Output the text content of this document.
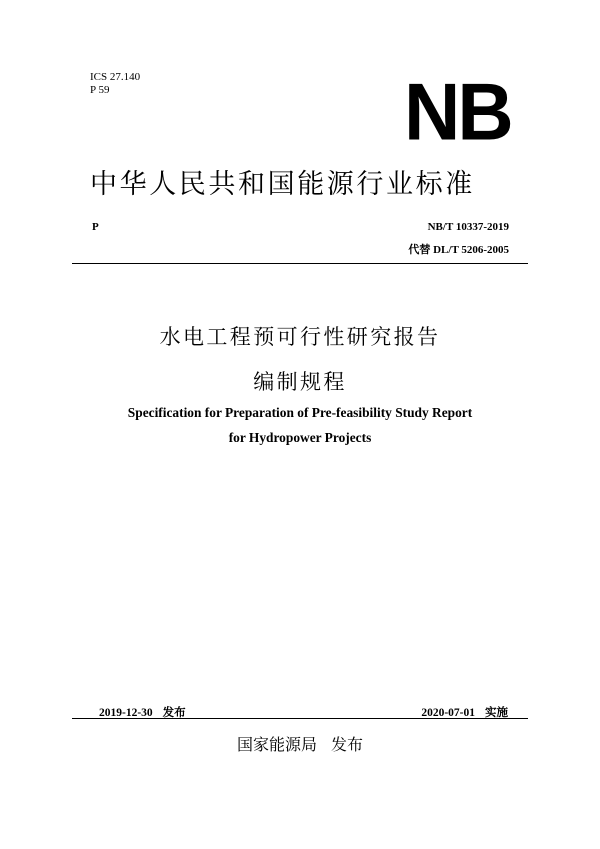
ICS 27.140
P 59	NB
中华人民共和国能源行业标准
P	NB/T 10337-2019
代替 DL/T 5206-2005
水电工程预可行性研究报告
编制规程
Specification for Preparation of Pre-feasibility Study Report
for Hydropower Projects
2019-12-30 发布	2020-07-01 实施
国家能源局 发布
